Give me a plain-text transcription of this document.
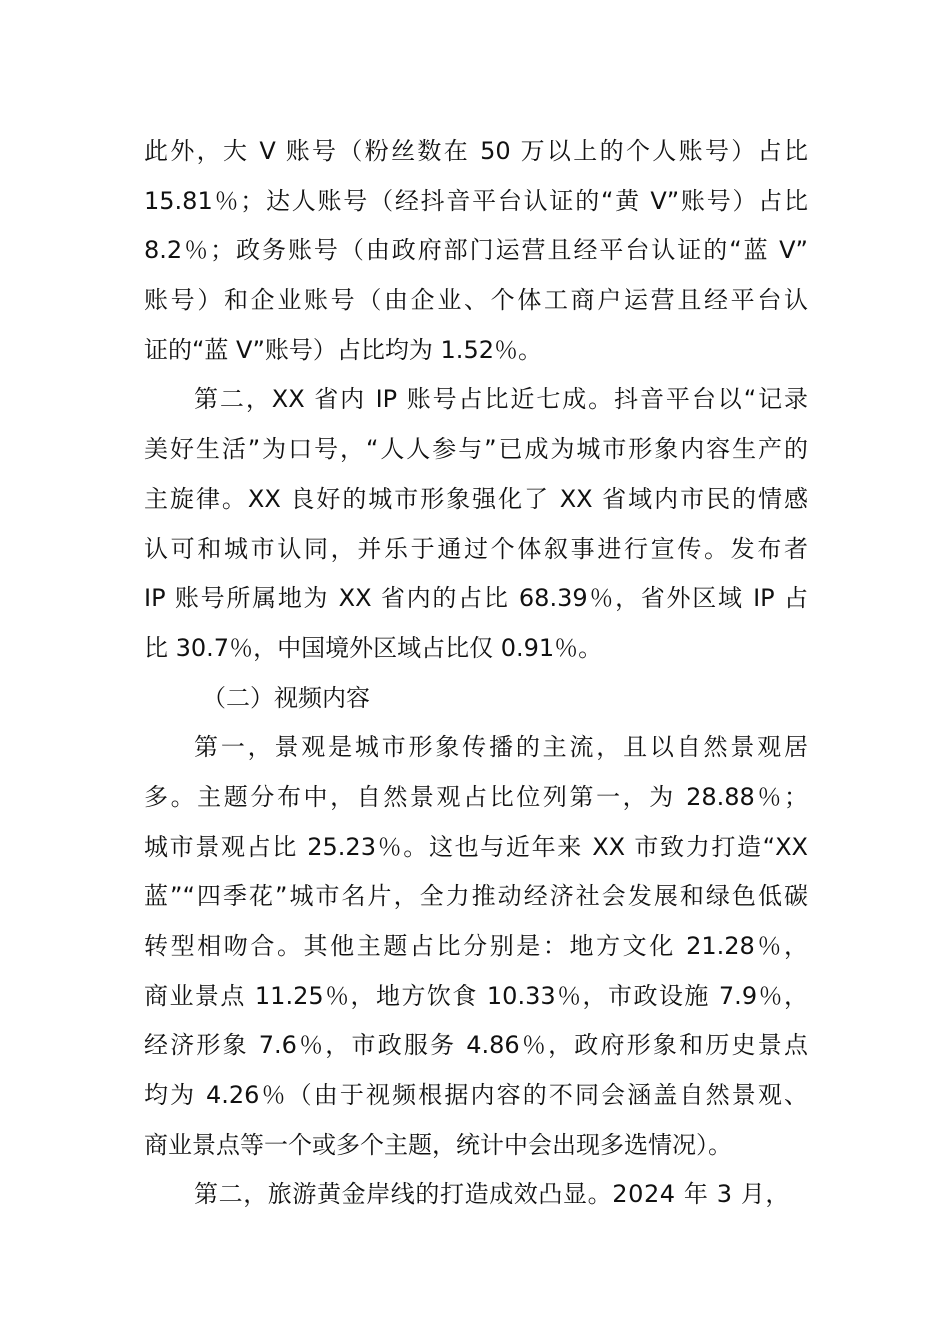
此外，大 V 账号（粉丝数在 50 万以上的个人账号）占比
15.81％；达人账号（经抖音平台认证的“黄 V”账号）占比
8.2％；政务账号（由政府部门运营且经平台认证的“蓝 V”
账号）和企业账号（由企业、个体工商户运营且经平台认
证的“蓝 V”账号）占比均为 1.52％。
第二，XX 省内 IP 账号占比近七成。抖音平台以“记录
美好生活”为口号，“人人参与”已成为城市形象内容生产的
主旋律。XX 良好的城市形象强化了 XX 省域内市民的情感
认可和城市认同，并乐于通过个体叙事进行宣传。发布者
IP 账号所属地为 XX 省内的占比 68.39％，省外区域 IP 占
比 30.7％，中国境外区域占比仅 0.91％。
（二）视频内容
第一，景观是城市形象传播的主流，且以自然景观居
多。主题分布中，自然景观占比位列第一，为 28.88％；
城市景观占比 25.23％。这也与近年来 XX 市致力打造“XX
蓝”“四季花”城市名片，全力推动经济社会发展和绿色低碳
转型相吻合。其他主题占比分别是：地方文化 21.28％，
商业景点 11.25％，地方饮食 10.33％，市政设施 7.9％，
经济形象 7.6％，市政服务 4.86％，政府形象和历史景点
均为 4.26％（由于视频根据内容的不同会涵盖自然景观、
商业景点等一个或多个主题，统计中会出现多选情况）。
第二，旅游黄金岸线的打造成效凸显。2024 年 3 月，
